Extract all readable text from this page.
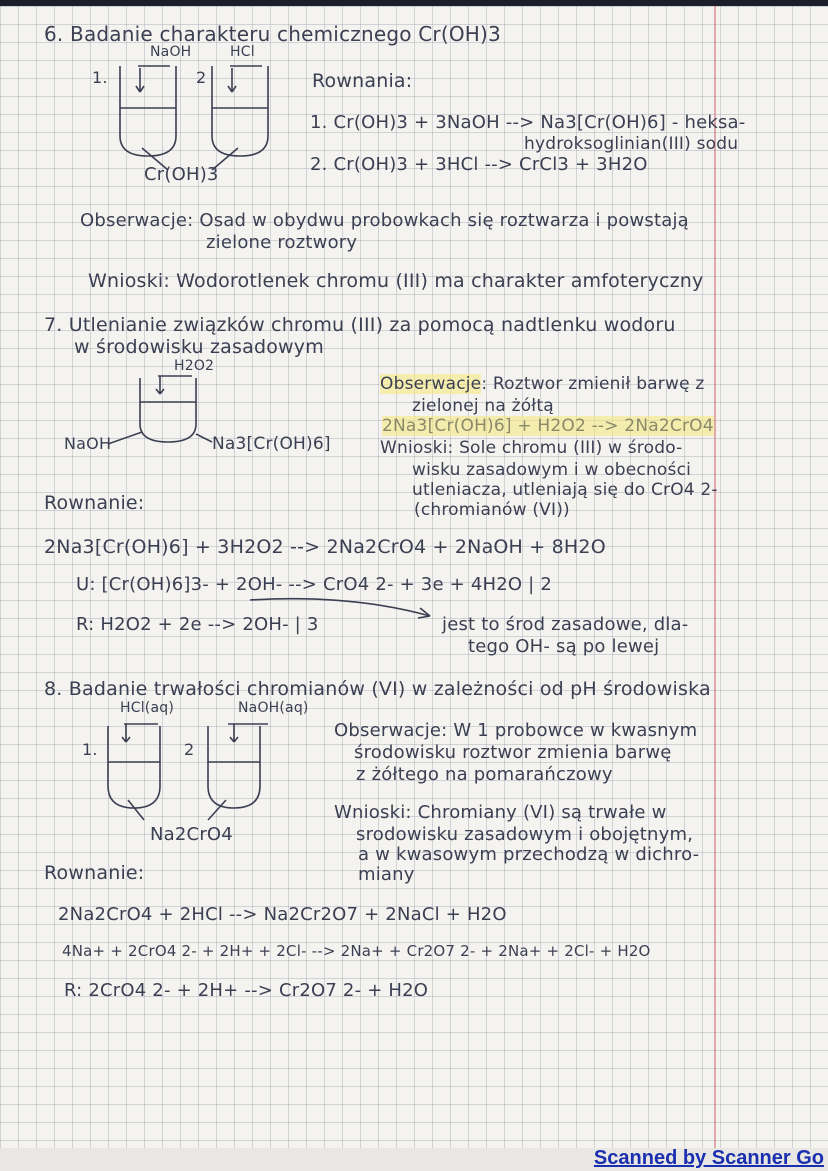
6. Badanie charakteru chemicznego Cr(OH)3
NaOH	HCl
1.	2
Cr(OH)3
Rownania:
1. Cr(OH)3 + 3NaOH --> Na3[Cr(OH)6] - heksa-
hydroksoglinian(III) sodu
2. Cr(OH)3 + 3HCl --> CrCl3 + 3H2O
Obserwacje: Osad w obydwu probowkach się roztwarza i powstają
zielone roztwory
Wnioski: Wodorotlenek chromu (III) ma charakter amfoteryczny
7. Utlenianie związków chromu (III) za pomocą nadtlenku wodoru
w środowisku zasadowym
H2O2
NaOH	Na3[Cr(OH)6]
Obserwacje: Roztwor zmienił barwę z
zielonej na żółtą
2Na3[Cr(OH)6] + H2O2 --> 2Na2CrO4
Wnioski: Sole chromu (III) w środo-
wisku zasadowym i w obecności
utleniacza, utleniają się do CrO4 2-
(chromianów (VI))
Rownanie:
2Na3[Cr(OH)6] + 3H2O2 --> 2Na2CrO4 + 2NaOH + 8H2O
U: [Cr(OH)6]3- + 2OH- --> CrO4 2- + 3e + 4H2O | 2
R: H2O2 + 2e --> 2OH- | 3	jest to środ zasadowe, dla-
tego OH- są po lewej
8. Badanie trwałości chromianów (VI) w zależności od pH środowiska
HCl(aq)	NaOH(aq)
1.	2
Na2CrO4
Obserwacje: W 1 probowce w kwasnym
środowisku roztwor zmienia barwę
z żółtego na pomarańczowy
Wnioski: Chromiany (VI) są trwałe w
srodowisku zasadowym i obojętnym,
a w kwasowym przechodzą w dichro-
miany
Rownanie:
2Na2CrO4 + 2HCl --> Na2Cr2O7 + 2NaCl + H2O
4Na+ + 2CrO4 2- + 2H+ + 2Cl- --> 2Na+ + Cr2O7 2- + 2Na+ + 2Cl- + H2O
R: 2CrO4 2- + 2H+ --> Cr2O7 2- + H2O
Scanned by Scanner Go
